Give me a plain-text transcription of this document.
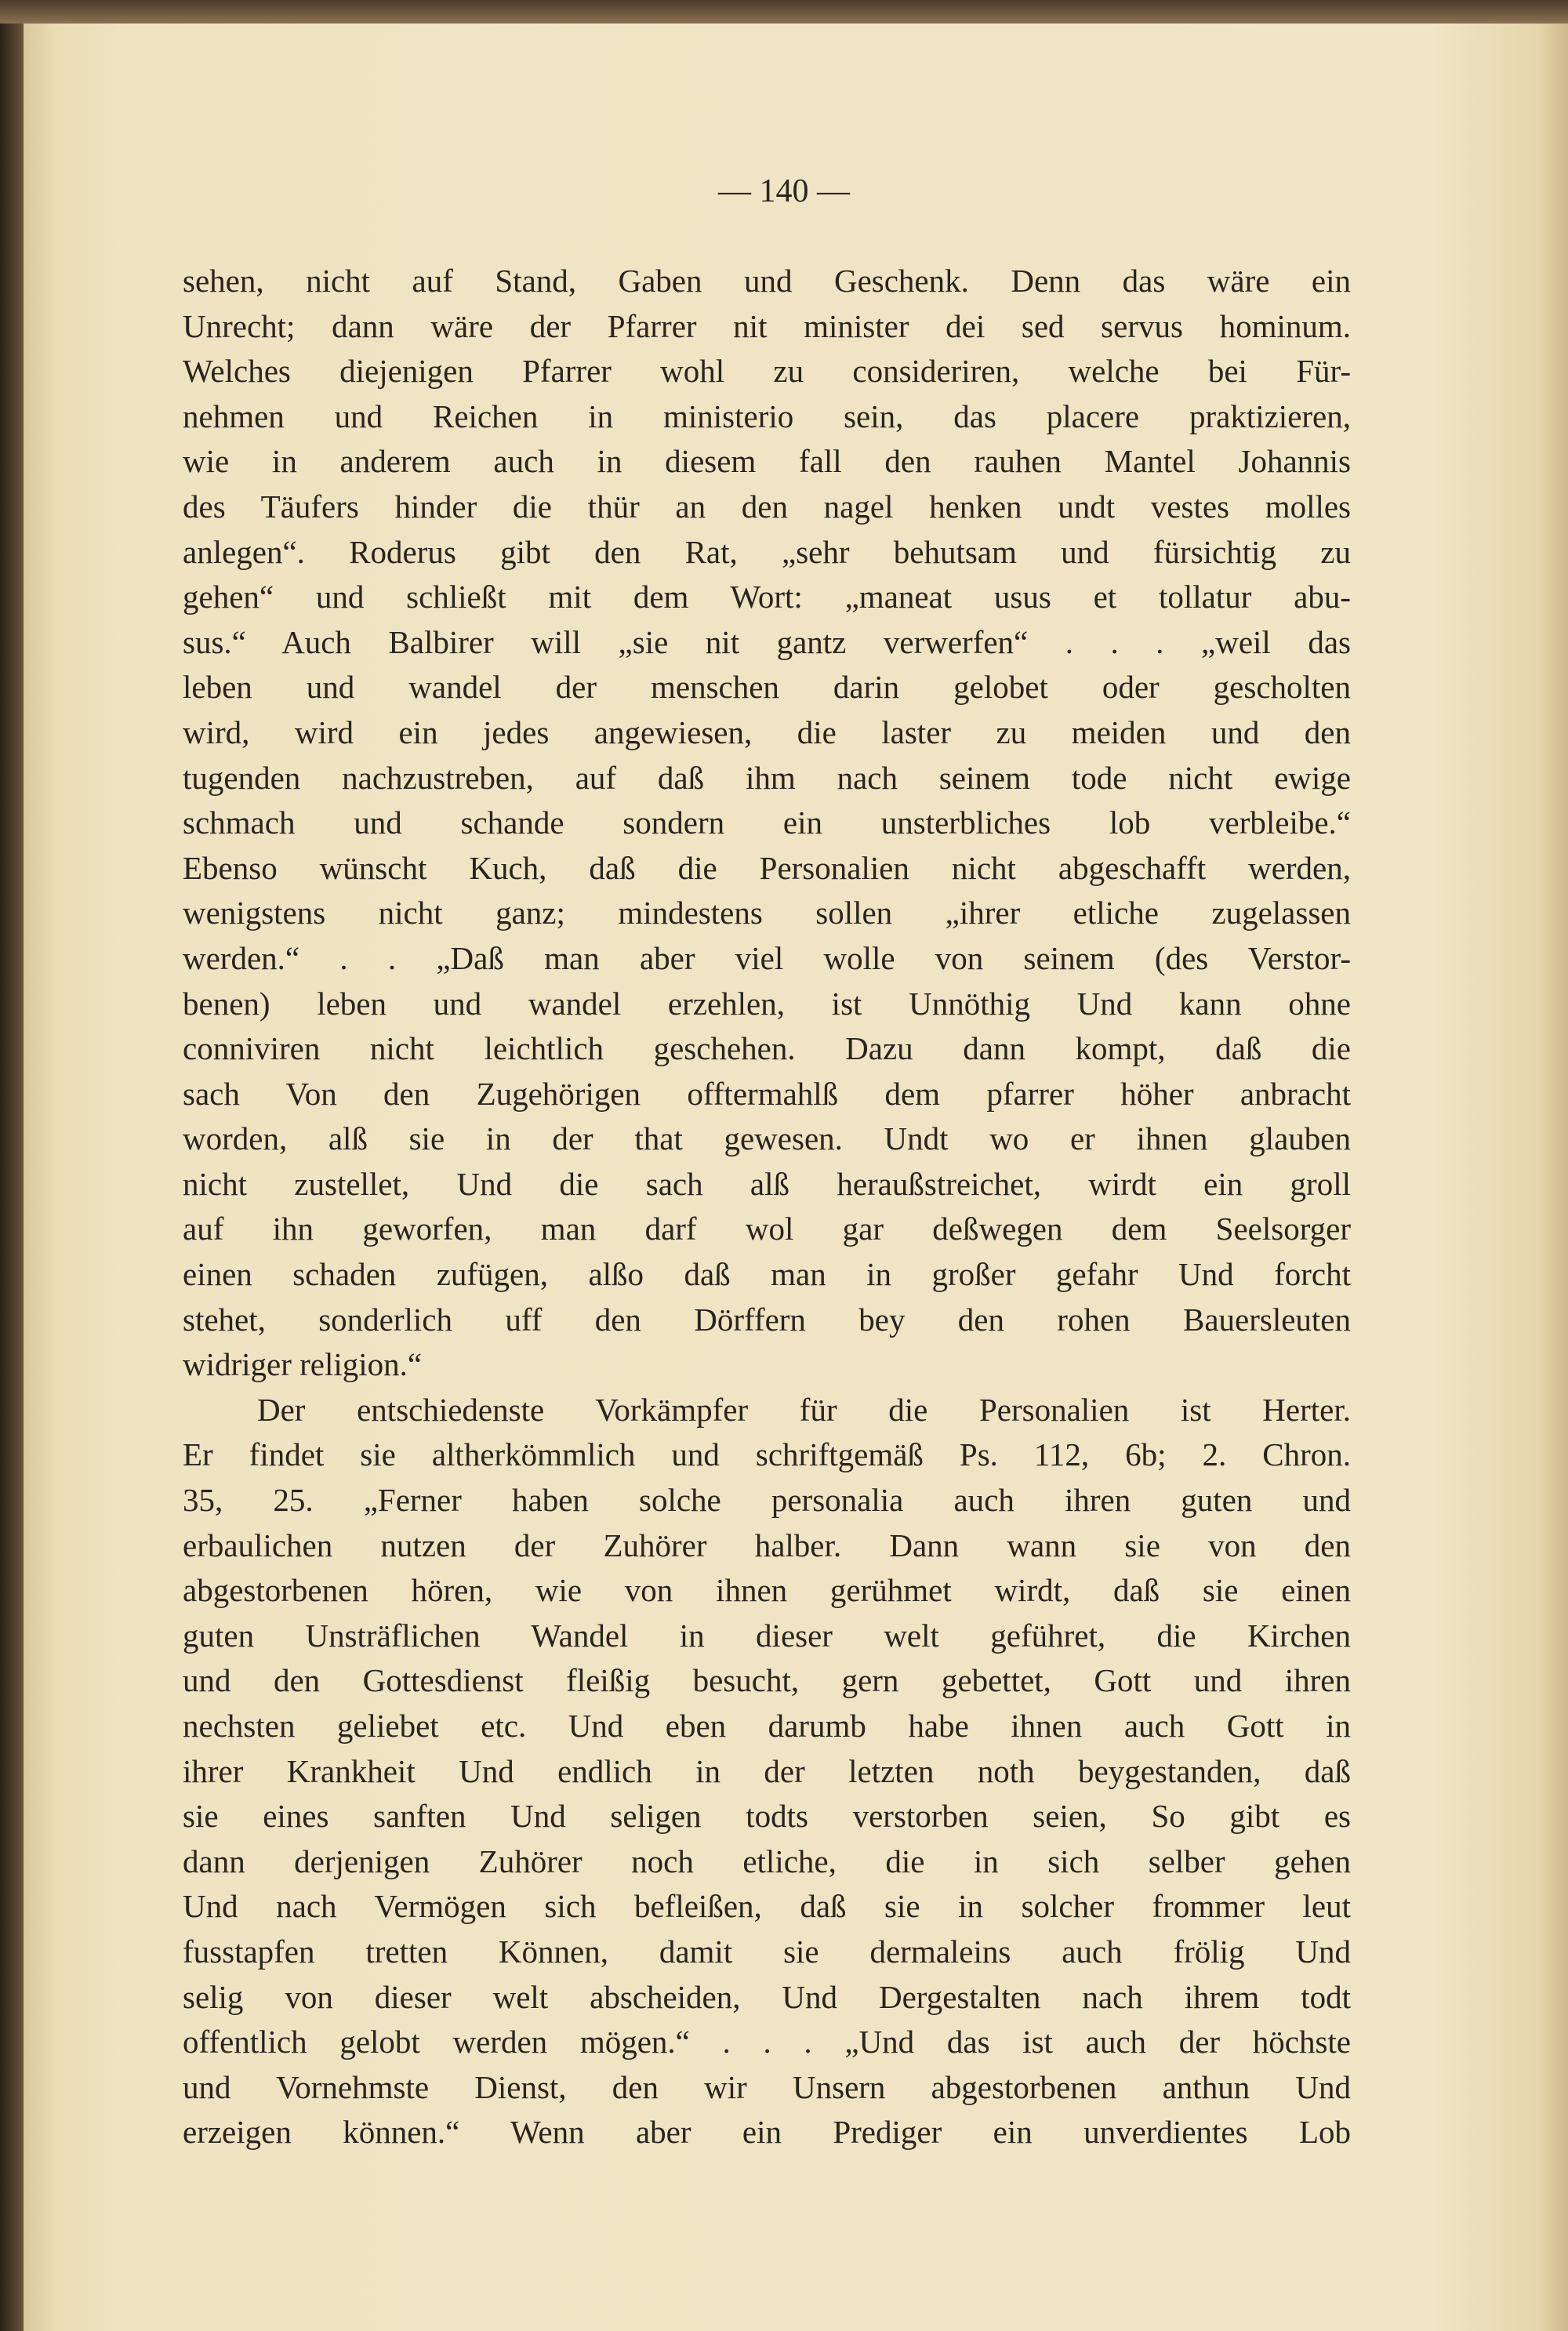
— 140 —
sehen, nicht auf Stand, Gaben und Geschenk. Denn das wäre ein
Unrecht; dann wäre der Pfarrer nit minister dei sed servus hominum.
Welches diejenigen Pfarrer wohl zu consideriren, welche bei Für-
nehmen und Reichen in ministerio sein, das placere praktizieren,
wie in anderem auch in diesem fall den rauhen Mantel Johannis
des Täufers hinder die thür an den nagel henken undt vestes molles
anlegen“. Roderus gibt den Rat, „sehr behutsam und fürsichtig zu
gehen“ und schließt mit dem Wort: „maneat usus et tollatur abu-
sus.“ Auch Balbirer will „sie nit gantz verwerfen“ . . . „weil das
leben und wandel der menschen darin gelobet oder gescholten
wird, wird ein jedes angewiesen, die laster zu meiden und den
tugenden nachzustreben, auf daß ihm nach seinem tode nicht ewige
schmach und schande sondern ein unsterbliches lob verbleibe.“
Ebenso wünscht Kuch, daß die Personalien nicht abgeschafft werden,
wenigstens nicht ganz; mindestens sollen „ihrer etliche zugelassen
werden.“ . . „Daß man aber viel wolle von seinem (des Verstor-
benen) leben und wandel erzehlen, ist Unnöthig Und kann ohne
conniviren nicht leichtlich geschehen. Dazu dann kompt, daß die
sach Von den Zugehörigen offtermahlß dem pfarrer höher anbracht
worden, alß sie in der that gewesen. Undt wo er ihnen glauben
nicht zustellet, Und die sach alß heraußstreichet, wirdt ein groll
auf ihn geworfen, man darf wol gar deßwegen dem Seelsorger
einen schaden zufügen, alßo daß man in großer gefahr Und forcht
stehet, sonderlich uff den Dörffern bey den rohen Bauersleuten
widriger religion.“
Der entschiedenste Vorkämpfer für die Personalien ist Herter.
Er findet sie altherkömmlich und schriftgemäß Ps. 112, 6b; 2. Chron.
35, 25. „Ferner haben solche personalia auch ihren guten und
erbaulichen nutzen der Zuhörer halber. Dann wann sie von den
abgestorbenen hören, wie von ihnen gerühmet wirdt, daß sie einen
guten Unsträflichen Wandel in dieser welt geführet, die Kirchen
und den Gottesdienst fleißig besucht, gern gebettet, Gott und ihren
nechsten geliebet etc. Und eben darumb habe ihnen auch Gott in
ihrer Krankheit Und endlich in der letzten noth beygestanden, daß
sie eines sanften Und seligen todts verstorben seien, So gibt es
dann derjenigen Zuhörer noch etliche, die in sich selber gehen
Und nach Vermögen sich befleißen, daß sie in solcher frommer leut
fusstapfen tretten Können, damit sie dermaleins auch frölig Und
selig von dieser welt abscheiden, Und Dergestalten nach ihrem todt
offentlich gelobt werden mögen.“ . . . „Und das ist auch der höchste
und Vornehmste Dienst, den wir Unsern abgestorbenen anthun Und
erzeigen können.“ Wenn aber ein Prediger ein unverdientes Lob
